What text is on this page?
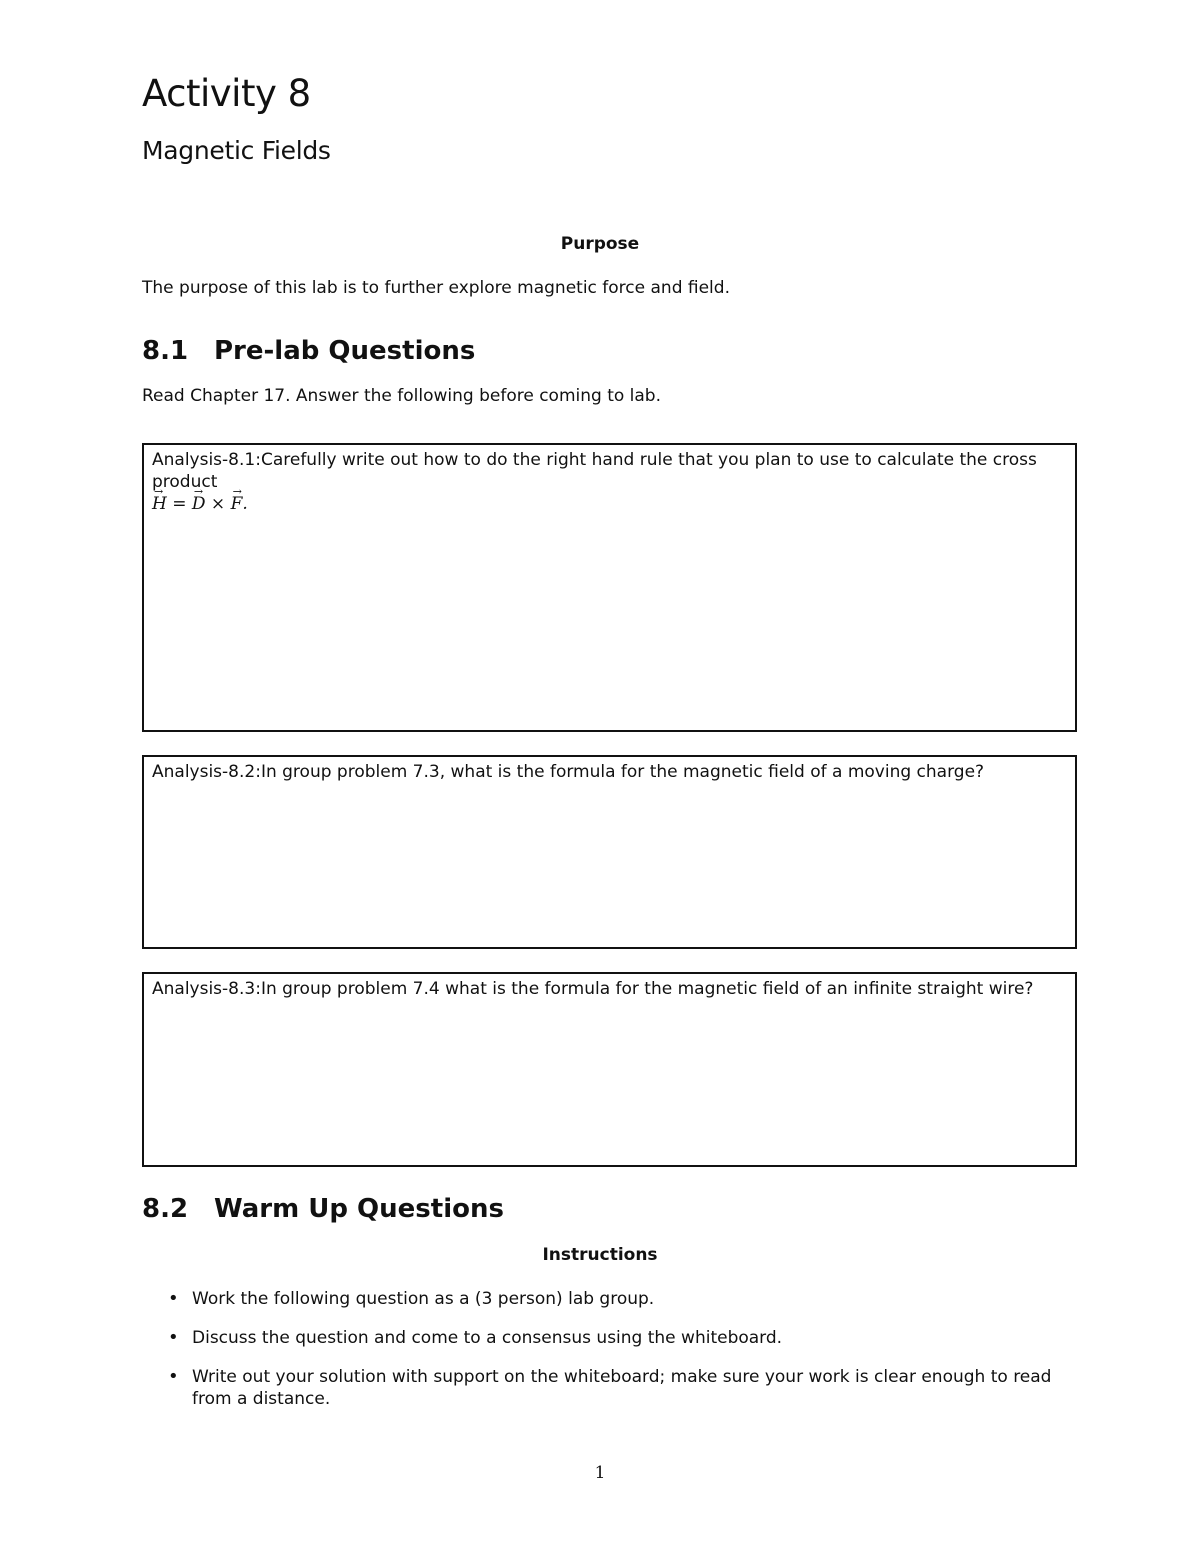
Activity 8
Magnetic Fields
Purpose
The purpose of this lab is to further explore magnetic force and field.
8.1 Pre-lab Questions
Read Chapter 17. Answer the following before coming to lab.
Analysis-8.1:Carefully write out how to do the right hand rule that you plan to use to calculate the cross product
→ H = → D × → F.
Analysis-8.2:In group problem 7.3, what is the formula for the magnetic field of a moving charge?
Analysis-8.3:In group problem 7.4 what is the formula for the magnetic field of an infinite straight wire?
8.2 Warm Up Questions
Instructions
• Work the following question as a (3 person) lab group.
• Discuss the question and come to a consensus using the whiteboard.
• Write out your solution with support on the whiteboard; make sure your work is clear enough to read from a distance.
1
